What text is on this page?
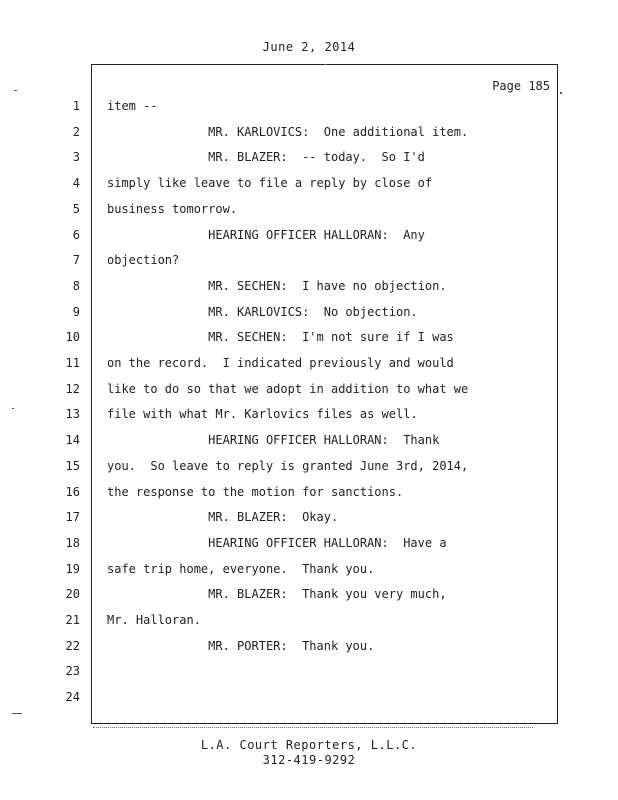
June 2, 2014
Page 185
1 item --
2 MR. KARLOVICS:  One additional item.
3 MR. BLAZER:  -- today.  So I'd
4 simply like leave to file a reply by close of
5 business tomorrow.
6 HEARING OFFICER HALLORAN:  Any
7 objection?
8 MR. SECHEN:  I have no objection.
9 MR. KARLOVICS:  No objection.
10 MR. SECHEN:  I'm not sure if I was
11 on the record.  I indicated previously and would
12 like to do so that we adopt in addition to what we
13 file with what Mr. Karlovics files as well.
14 HEARING OFFICER HALLORAN:  Thank
15 you.  So leave to reply is granted June 3rd, 2014,
16 the response to the motion for sanctions.
17 MR. BLAZER:  Okay.
18 HEARING OFFICER HALLORAN:  Have a
19 safe trip home, everyone.  Thank you.
20 MR. BLAZER:  Thank you very much,
21 Mr. Halloran.
22 MR. PORTER:  Thank you.
23
24
L.A. Court Reporters, L.L.C.
312-419-9292
